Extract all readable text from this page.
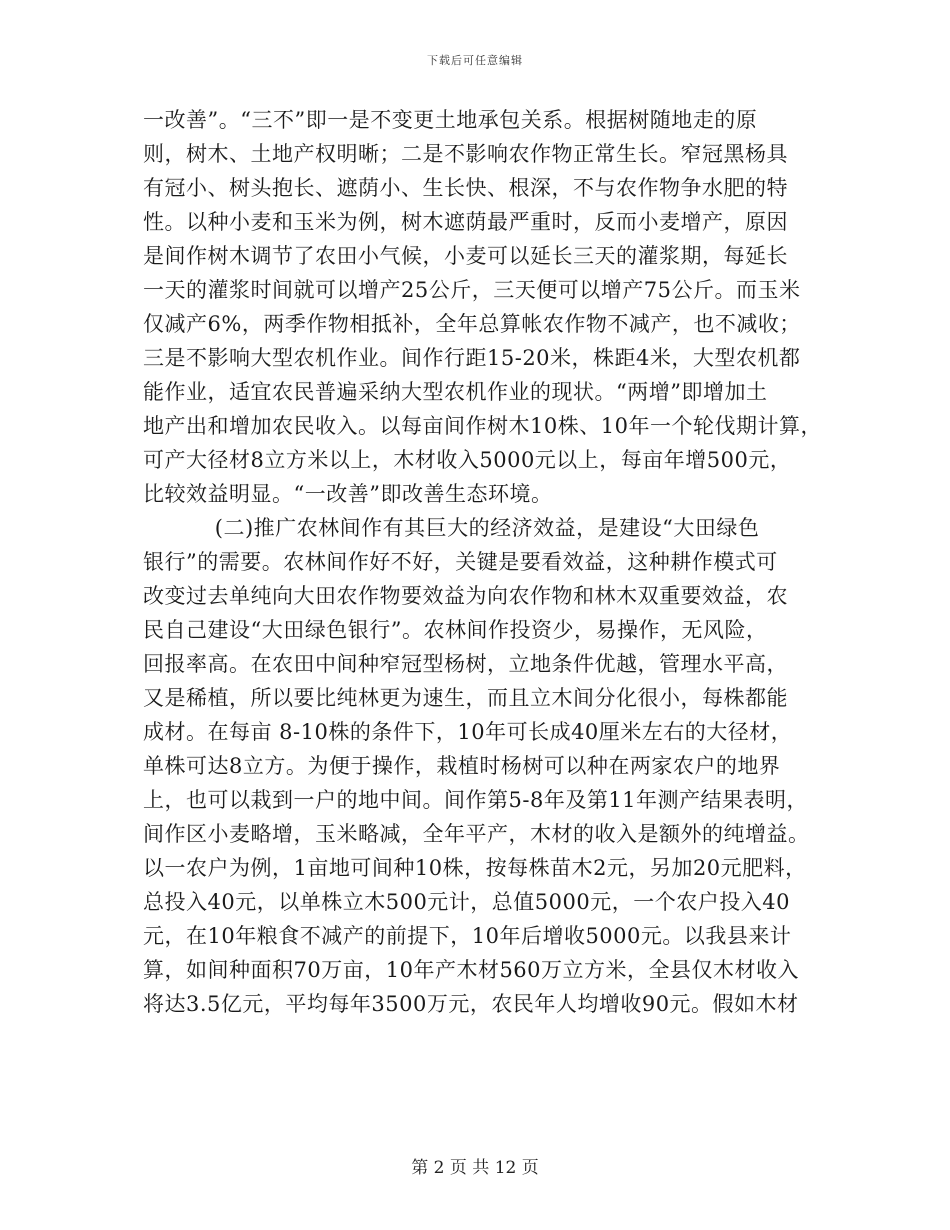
下载后可任意编辑
一改善”。“三不”即一是不变更土地承包关系。根据树随地走的原
则，树木、土地产权明晰；二是不影响农作物正常生长。窄冠黑杨具
有冠小、树头抱长、遮荫小、生长快、根深，不与农作物争水肥的特
性。以种小麦和玉米为例，树木遮荫最严重时，反而小麦增产，原因
是间作树木调节了农田小气候，小麦可以延长三天的灌浆期，每延长
一天的灌浆时间就可以增产25公斤，三天便可以增产75公斤。而玉米
仅减产6%，两季作物相抵补，全年总算帐农作物不减产，也不减收；
三是不影响大型农机作业。间作行距15-20米，株距4米，大型农机都
能作业，适宜农民普遍采纳大型农机作业的现状。“两增”即增加土
地产出和增加农民收入。以每亩间作树木10株、10年一个轮伐期计算，
可产大径材8立方米以上，木材收入5000元以上，每亩年增500元，
比较效益明显。“一改善”即改善生态环境。
(二)推广农林间作有其巨大的经济效益，是建设“大田绿色
银行”的需要。农林间作好不好，关键是要看效益，这种耕作模式可
改变过去单纯向大田农作物要效益为向农作物和林木双重要效益，农
民自己建设“大田绿色银行”。农林间作投资少，易操作，无风险，
回报率高。在农田中间种窄冠型杨树，立地条件优越，管理水平高，
又是稀植，所以要比纯林更为速生，而且立木间分化很小，每株都能
成材。在每亩 8-10株的条件下，10年可长成40厘米左右的大径材，
单株可达8立方。为便于操作，栽植时杨树可以种在两家农户的地界
上，也可以栽到一户的地中间。间作第5-8年及第11年测产结果表明，
间作区小麦略增，玉米略减，全年平产，木材的收入是额外的纯增益。
以一农户为例，1亩地可间种10株，按每株苗木2元，另加20元肥料，
总投入40元，以单株立木500元计，总值5000元，一个农户投入40
元，在10年粮食不减产的前提下，10年后增收5000元。以我县来计
算，如间种面积70万亩，10年产木材560万立方米，全县仅木材收入
将达3.5亿元，平均每年3500万元，农民年人均增收90元。假如木材
第 2 页 共 12 页
